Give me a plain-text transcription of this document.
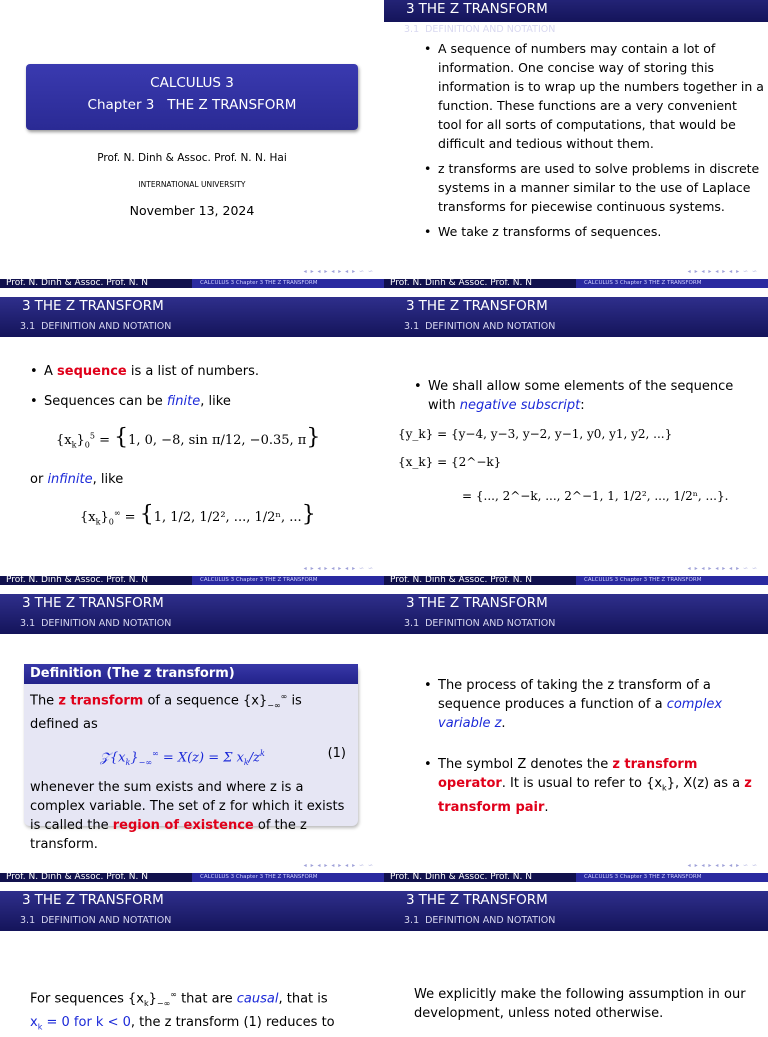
CALCULUS 3
Chapter 3 THE Z TRANSFORM
Prof. N. Dinh & Assoc. Prof. N. N. Hai
INTERNATIONAL UNIVERSITY
November 13, 2024
◂ ▸ ◂ ▸ ◂ ▸ ◂ ▸ ∽ ∽
Prof. N. Dinh & Assoc. Prof. N. N	CALCULUS 3 Chapter 3 THE Z TRANSFORM
3 THE Z TRANSFORM
3.1 DEFINITION AND NOTATION
• A sequence of numbers may contain a lot of information. One concise way of storing this information is to wrap up the numbers together in a function. These functions are a very convenient tool for all sorts of computations, that would be difficult and tedious without them.
• z transforms are used to solve problems in discrete systems in a manner similar to the use of Laplace transforms for piecewise continuous systems.
• We take z transforms of sequences.
◂ ▸ ◂ ▸ ◂ ▸ ◂ ▸ ∽ ∽
Prof. N. Dinh & Assoc. Prof. N. N	CALCULUS 3 Chapter 3 THE Z TRANSFORM
3 THE Z TRANSFORM
3.1 DEFINITION AND NOTATION
• A sequence is a list of numbers.
• Sequences can be finite, like
$\{x_k\}_0^5 = \{1$, 0, −8, sin π/12, −0.35, π}
or infinite, like
$\{x_k\}_0^\infty = \{1$, 1/2, 1/2², ..., 1/2ⁿ, ...}
◂ ▸ ◂ ▸ ◂ ▸ ◂ ▸ ∽ ∽
Prof. N. Dinh & Assoc. Prof. N. N	CALCULUS 3 Chapter 3 THE Z TRANSFORM
3 THE Z TRANSFORM
3.1 DEFINITION AND NOTATION
• We shall allow some elements of the sequence with negative subscript:
{y_k} = {y−4, y−3, y−2, y−1, y0, y1, y2, ...}
{x_k} = {2^−k}
= {..., 2^−k, ..., 2^−1, 1, 1/2², ..., 1/2ⁿ, ...}.
◂ ▸ ◂ ▸ ◂ ▸ ◂ ▸ ∽ ∽
Prof. N. Dinh & Assoc. Prof. N. N	CALCULUS 3 Chapter 3 THE Z TRANSFORM
3 THE Z TRANSFORM
3.1 DEFINITION AND NOTATION
Definition (The z transform)
The z transform of a sequence $\{x\}_{-\infty}^\infty$ is defined as
$𝒵\{x_k\}_{-\infty}^\infty = X(z) = \Sigma$ $x_k/z^k$	(1)
whenever the sum exists and where z is a complex variable. The set of z for which it exists is called the region of existence of the z transform.
◂ ▸ ◂ ▸ ◂ ▸ ◂ ▸ ∽ ∽
Prof. N. Dinh & Assoc. Prof. N. N	CALCULUS 3 Chapter 3 THE Z TRANSFORM
3 THE Z TRANSFORM
3.1 DEFINITION AND NOTATION
• The process of taking the z transform of a sequence produces a function of a complex variable z.
• The symbol Z denotes the z transform operator. It is usual to refer to $\{x_k\}$, X(z) as a z transform pair.
◂ ▸ ◂ ▸ ◂ ▸ ◂ ▸ ∽ ∽
Prof. N. Dinh & Assoc. Prof. N. N	CALCULUS 3 Chapter 3 THE Z TRANSFORM
3 THE Z TRANSFORM
3.1 DEFINITION AND NOTATION
For sequences $\{x_k\}_{-\infty}^\infty$ that are causal, that is
$x_k = 0$ for k < 0, the z transform (1) reduces to
3 THE Z TRANSFORM
3.1 DEFINITION AND NOTATION
We explicitly make the following assumption in our development, unless noted otherwise.
